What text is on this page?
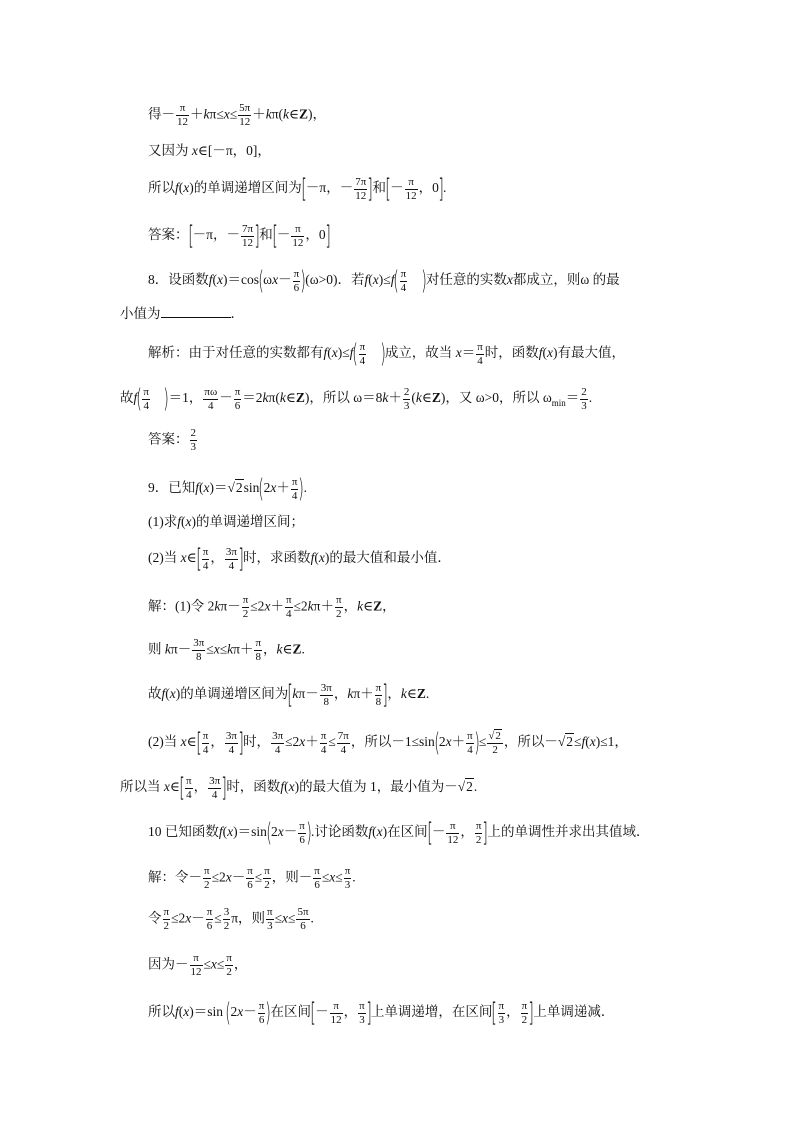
得－ $\frac{\pi}{12} +k\pi\le x\le \frac{5\pi}{12}$ ＋kπ(k∈Z)，
又因为 x∈[－π，0]，
所以f(x)的单调递增区间为[－π，－ $\frac{7\pi}{12}$ ]和[－ $\frac{\pi}{12}$ ，0].
答案：[－π，－ $\frac{7\pi}{12}$ ]和[－ $\frac{\pi}{12}$ ，0]
8．设函数$f(x)=\cos(\omega x- \frac{\pi}{6} )(\omega>0)$．若$f(x)\le f( \frac{\pi}{4}$ )对任意的实数x都成立，则ω 的最
小值为	．
解析：由于对任意的实数都有$f(x)\le f( \frac{\pi}{4}$ )成立，故当 $x= \frac{\pi}{4}$ 时，函数f(x)有最大值，
故$f( \frac{\pi}{4} )=1$， $\frac{\pi\omega}{4} - \frac{\pi}{6}$ ＝2kπ(k∈Z)，所以 $\omega=8k+ \frac{2}{3}$ (k∈Z)，又 ω>0，所以 $\omega_{min}= \frac{2}{3}$ .
答案： $\frac{2}{3}$
9．已知$f(x)=√2\sin(2x+ \frac{\pi}{4}$ ).
(1)求f(x)的单调递增区间；
(2)当 x∈[ $\frac{\pi}{4}$ ， $\frac{3\pi}{4}$ ]时，求函数f(x)的最大值和最小值．
解：(1)令 $2k\pi- \frac{\pi}{2} \le 2x+ \frac{\pi}{4} \le 2k\pi+ \frac{\pi}{2}$ ，k∈Z，
则 $k\pi- \frac{3\pi}{8} \le x\le k\pi+ \frac{\pi}{8}$ ，k∈Z.
故f(x)的单调递增区间为[$k\pi- \frac{3\pi}{8}$ ，$k\pi+ \frac{\pi}{8}$ ]，k∈Z.
(2)当 x∈[ $\frac{\pi}{4}$ ， $\frac{3\pi}{4}$ ]时， $\frac{3\pi}{4} \le 2x+ \frac{\pi}{4} \le \frac{7\pi}{4}$ ，所以$-1\le\sin(2x+ \frac{\pi}{4}$ )≤ $\frac{√2}{2}$ ，所以－√2≤f(x)≤1，
所以当 x∈[ $\frac{\pi}{4}$ ， $\frac{3\pi}{4}$ ]时，函数f(x)的最大值为 1，最小值为－√2.
10 已知函数$f(x)=\sin(2x- \frac{\pi}{6}$ ).讨论函数f(x)在区间[－ $\frac{\pi}{12}$ ， $\frac{\pi}{2}$ ]上的单调性并求出其值域．
解：令－ $\frac{\pi}{2} \le 2x- \frac{\pi}{6} \le \frac{\pi}{2}$ ，则－ $\frac{\pi}{6} \le x\le \frac{\pi}{3}$ .
令 $\frac{\pi}{2} \le 2x- \frac{\pi}{6} \le \frac{3}{2}$ π，则 $\frac{\pi}{3} \le x\le \frac{5\pi}{6}$ .
因为－ $\frac{\pi}{12} \le x\le \frac{\pi}{2}$ ，
所以f(x)＝sin ($2x- \frac{\pi}{6}$ )在区间[－ $\frac{\pi}{12}$ ， $\frac{\pi}{3}$ ]上单调递增，在区间[ $\frac{\pi}{3}$ ， $\frac{\pi}{2}$ ]上单调递减．
